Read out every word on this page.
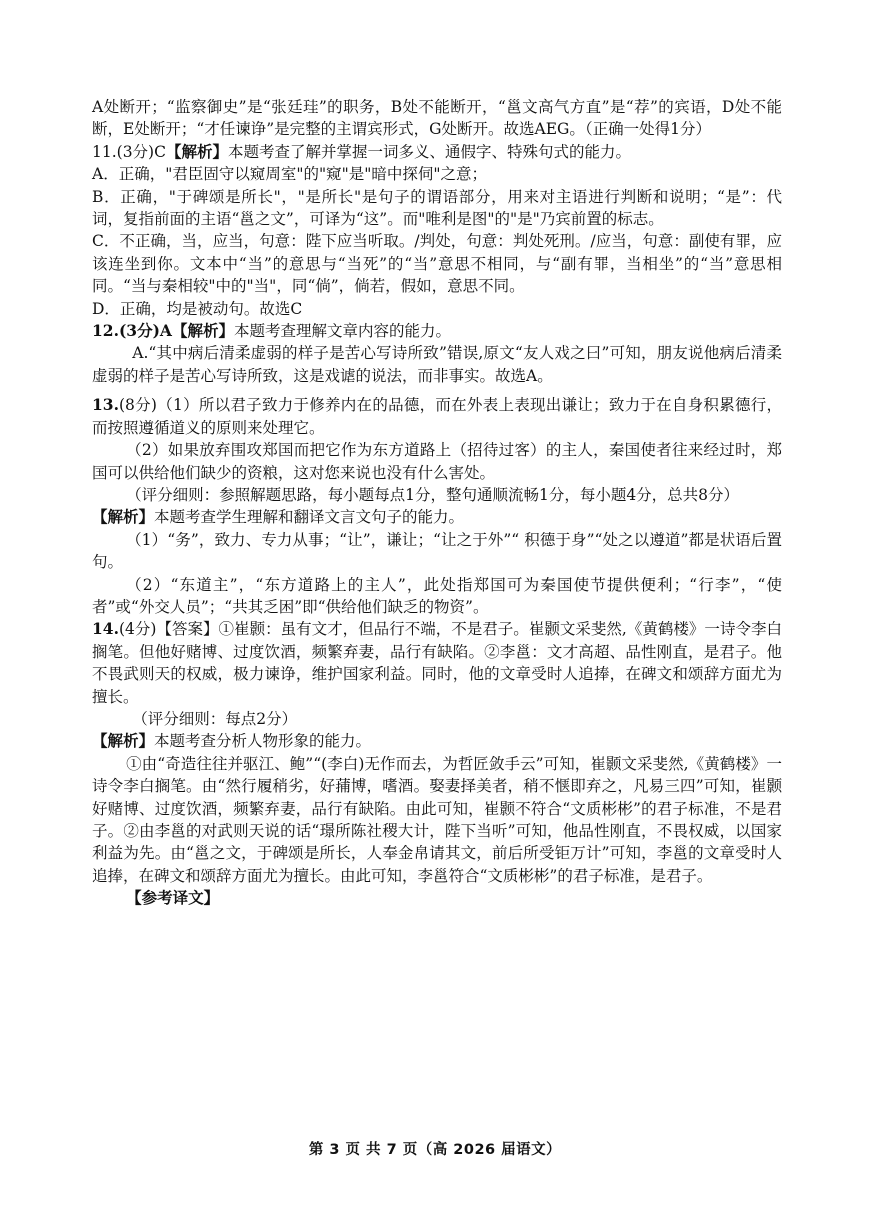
A处断开；“监察御史”是“张廷珪”的职务，B处不能断开，“邕文高气方直”是“荐”的宾语，D处不能断，E处断开；“才任谏诤”是完整的主谓宾形式，G处断开。故选AEG。（正确一处得1分）

11.(3分)C【解析】本题考查了解并掌握一词多义、通假字、特殊句式的能力。

A．正确，"君臣固守以窥周室"的"窥"是"暗中探伺"之意；

B．正确，"于碑颂是所长"，"是所长"是句子的谓语部分，用来对主语进行判断和说明；“是”：代词，复指前面的主语“邕之文”，可译为“这”。而"唯利是图"的"是"乃宾前置的标志。

C．不正确，当，应当，句意：陛下应当听取。/判处，句意：判处死刑。/应当，句意：副使有罪，应该连坐到你。文本中“当”的意思与“当死”的“当”意思不相同，与“副有罪，当相坐”的“当”意思相同。“当与秦相较"中的"当"，同“倘”，倘若，假如，意思不同。

D．正确，均是被动句。故选C

12.(3分)A【解析】本题考查理解文章内容的能力。

A.“其中病后清柔虚弱的样子是苦心写诗所致”错误,原文“友人戏之曰”可知，朋友说他病后清柔虚弱的样子是苦心写诗所致，这是戏谑的说法，而非事实。故选A。

13.(8分)（1）所以君子致力于修养内在的品德，而在外表上表现出谦让；致力于在自身积累德行，而按照遵循道义的原则来处理它。

（2）如果放弃围攻郑国而把它作为东方道路上（招待过客）的主人，秦国使者往来经过时，郑国可以供给他们缺少的资粮，这对您来说也没有什么害处。

（评分细则：参照解题思路，每小题每点1分，整句通顺流畅1分，每小题4分，总共8分）

【解析】本题考查学生理解和翻译文言文句子的能力。

（1）“务”，致力、专力从事；“让”，谦让；“让之于外”“ 积德于身”“处之以遵道”都是状语后置句。

（2）“东道主”，“东方道路上的主人”，此处指郑国可为秦国使节提供便利；“行李”，“使者”或“外交人员”；“共其乏困”即“供给他们缺乏的物资”。

14.(4分)【答案】①崔颢：虽有文才，但品行不端，不是君子。崔颢文采斐然,《黄鹤楼》一诗令李白搁笔。但他好赌博、过度饮酒，频繁弃妻，品行有缺陷。②李邕：文才高超、品性刚直，是君子。他不畏武则天的权威，极力谏诤，维护国家利益。同时，他的文章受时人追捧，在碑文和颂辞方面尤为擅长。

（评分细则：每点2分）

【解析】本题考查分析人物形象的能力。

①由“奇造往往并驱江、鲍”“(李白)无作而去，为哲匠敛手云”可知，崔颢文采斐然,《黄鹤楼》一诗令李白搁笔。由“然行履稍劣，好蒱博，嗜酒。娶妻择美者，稍不惬即弃之，凡易三四”可知，崔颢好赌博、过度饮酒，频繁弃妻，品行有缺陷。由此可知，崔颢不符合“文质彬彬”的君子标准，不是君子。②由李邕的对武则天说的话“璟所陈社稷大计，陛下当听”可知，他品性刚直，不畏权威，以国家利益为先。由“邕之文，于碑颂是所长，人奉金帛请其文，前后所受钜万计”可知，李邕的文章受时人追捧，在碑文和颂辞方面尤为擅长。由此可知，李邕符合“文质彬彬”的君子标准，是君子。

【参考译文】

第 3 页 共 7 页（高 2026 届语文）
